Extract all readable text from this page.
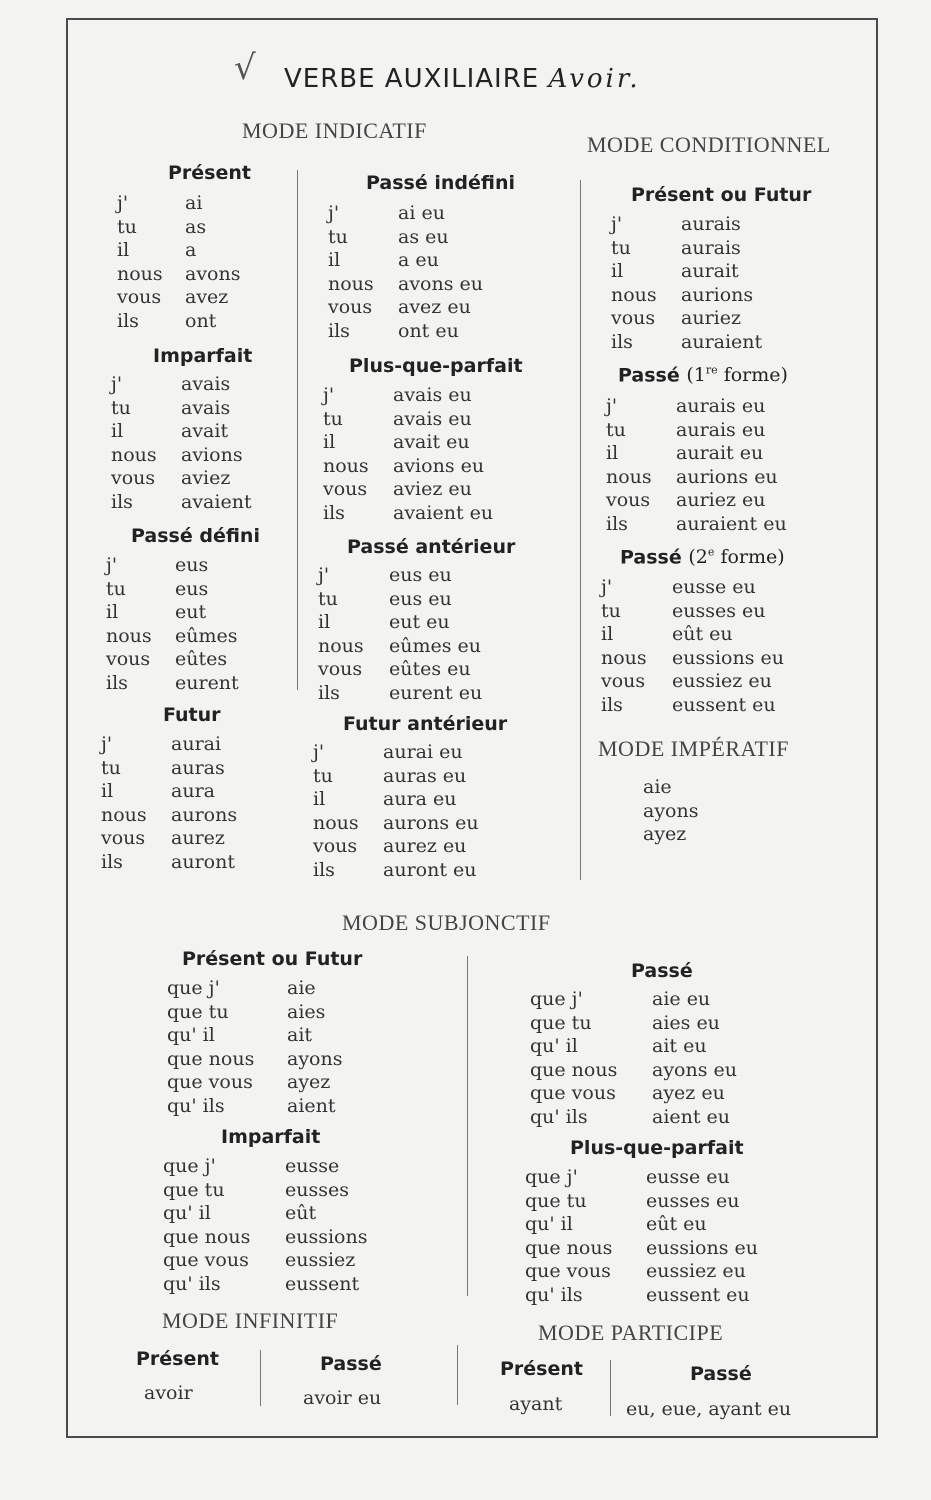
√ VERBE AUXILIAIRE Avoir.
MODE INDICATIF
MODE CONDITIONNEL
MODE IMPÉRATIF
MODE SUBJONCTIF
MODE INFINITIF	MODE PARTICIPE
Présent
Imparfait
Passé défini
Futur
Passé indéfini
Plus-que-parfait
Passé antérieur
Futur antérieur
Présent ou Futur
Passé (1re forme)
Passé (2e forme)
Présent ou Futur
Imparfait
Passé
Plus-que-parfait
Présent	Passé	Présent	Passé
j'	ai
tu	as
il	a
nous avons
vous avez
ils ont
j'	avais
tu	avais
il	avait
nous avions
vous aviez
ils	avaient
j'	eus
tu	eus
il	eut
nous eûmes
vous eûtes
ils eurent
j'	aurai
tu	auras
il	aura
nous aurons
vous aurez
ils	auront
j'	ai eu
tu	as eu
il	a eu
nous avons eu
vous avez eu
ils	ont eu
j'	avais eu
tu	avais eu
il	avait eu
nous avions eu
vous aviez eu
ils	avaient eu
j'	eus eu
tu	eus eu
il	eut eu
nous eûmes eu
vous eûtes eu
ils	eurent eu
j'	aurai eu
tu	auras eu
il	aura eu
nous aurons eu
vous aurez eu
ils	auront eu
j'	aurais
tu	aurais
il	aurait
nous aurions
vous auriez
ils	auraient
j'	aurais eu
tu	aurais eu
il	aurait eu
nous aurions eu
vous auriez eu
ils	auraient eu
j'	eusse eu
tu	eusses eu
il	eût eu
nous eussions eu
vous eussiez eu
ils	eussent eu
que j'	aie
que tu	aies
qu' il	ait
que nous ayons
que vous ayez
qu' ils	aient
que j'	eusse
que tu	eusses
qu' il	eût
que nous eussions
que vous eussiez
qu' ils	eussent
que j'	aie eu
que tu	aies eu
qu' il	ait eu
que nous ayons eu
que vous ayez eu
qu' ils	aient eu
que j'	eusse eu
que tu	eusses eu
qu' il	eût eu
que nous eussions eu
que vous eussiez eu
qu' ils	eussent eu
aie
ayons
ayez
avoir	avoir eu	ayant	eu, eue, ayant eu
